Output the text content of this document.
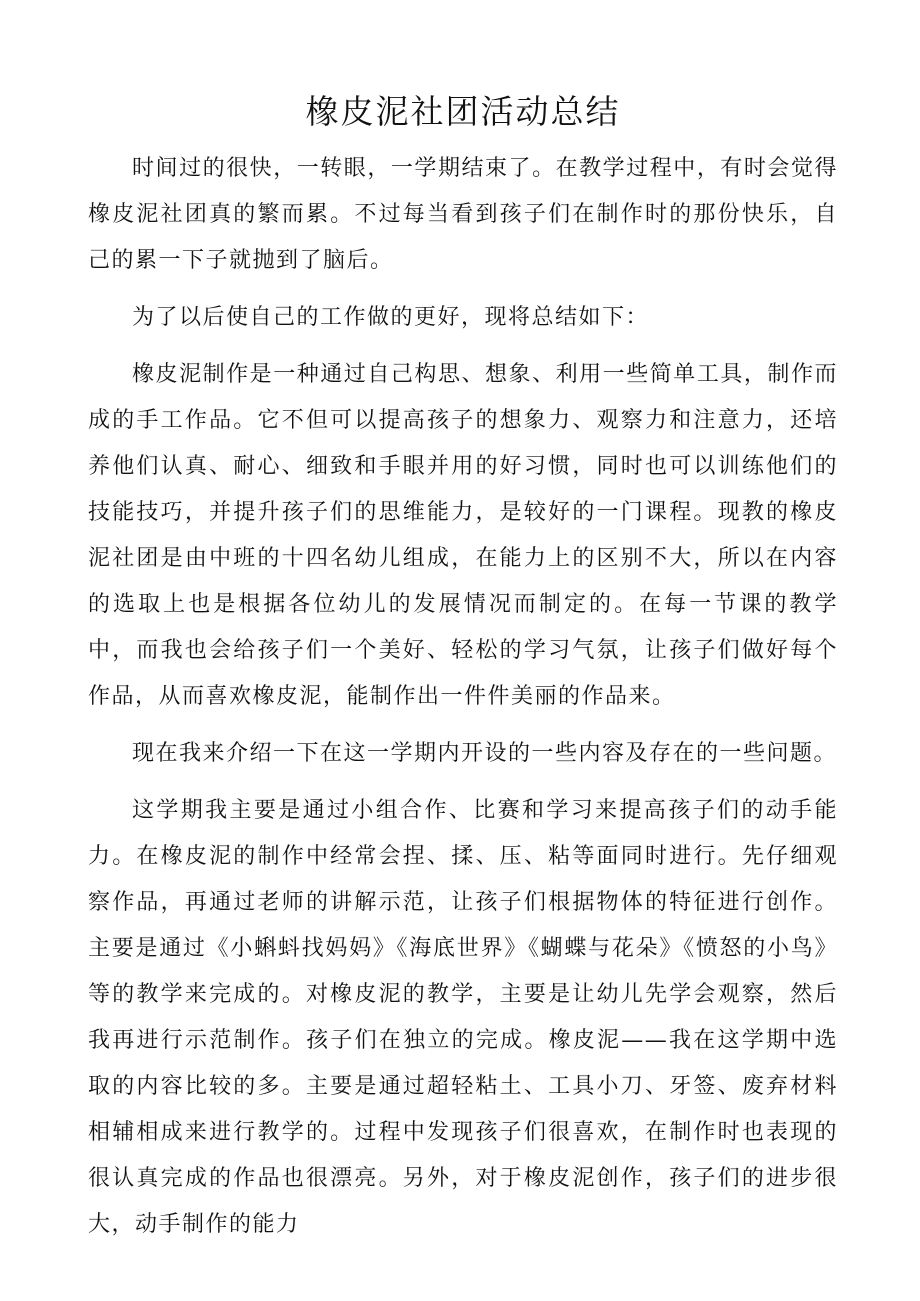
橡皮泥社团活动总结

时间过的很快，一转眼，一学期结束了。在教学过程中，有时会觉得橡皮泥社团真的繁而累。不过每当看到孩子们在制作时的那份快乐，自己的累一下子就抛到了脑后。

为了以后使自己的工作做的更好，现将总结如下：

橡皮泥制作是一种通过自己构思、想象、利用一些简单工具，制作而成的手工作品。它不但可以提高孩子的想象力、观察力和注意力，还培养他们认真、耐心、细致和手眼并用的好习惯，同时也可以训练他们的技能技巧，并提升孩子们的思维能力，是较好的一门课程。现教的橡皮泥社团是由中班的十四名幼儿组成，在能力上的区别不大，所以在内容的选取上也是根据各位幼儿的发展情况而制定的。在每一节课的教学中，而我也会给孩子们一个美好、轻松的学习气氛，让孩子们做好每个作品，从而喜欢橡皮泥，能制作出一件件美丽的作品来。

现在我来介绍一下在这一学期内开设的一些内容及存在的一些问题。

这学期我主要是通过小组合作、比赛和学习来提高孩子们的动手能力。在橡皮泥的制作中经常会捏、揉、压、粘等面同时进行。先仔细观察作品，再通过老师的讲解示范，让孩子们根据物体的特征进行创作。主要是通过《小蝌蚪找妈妈》《海底世界》《蝴蝶与花朵》《愤怒的小鸟》等的教学来完成的。对橡皮泥的教学，主要是让幼儿先学会观察，然后我再进行示范制作。孩子们在独立的完成。橡皮泥——我在这学期中选取的内容比较的多。主要是通过超轻粘土、工具小刀、牙签、废弃材料相辅相成来进行教学的。过程中发现孩子们很喜欢，在制作时也表现的很认真完成的作品也很漂亮。另外，对于橡皮泥创作，孩子们的进步很大，动手制作的能力
